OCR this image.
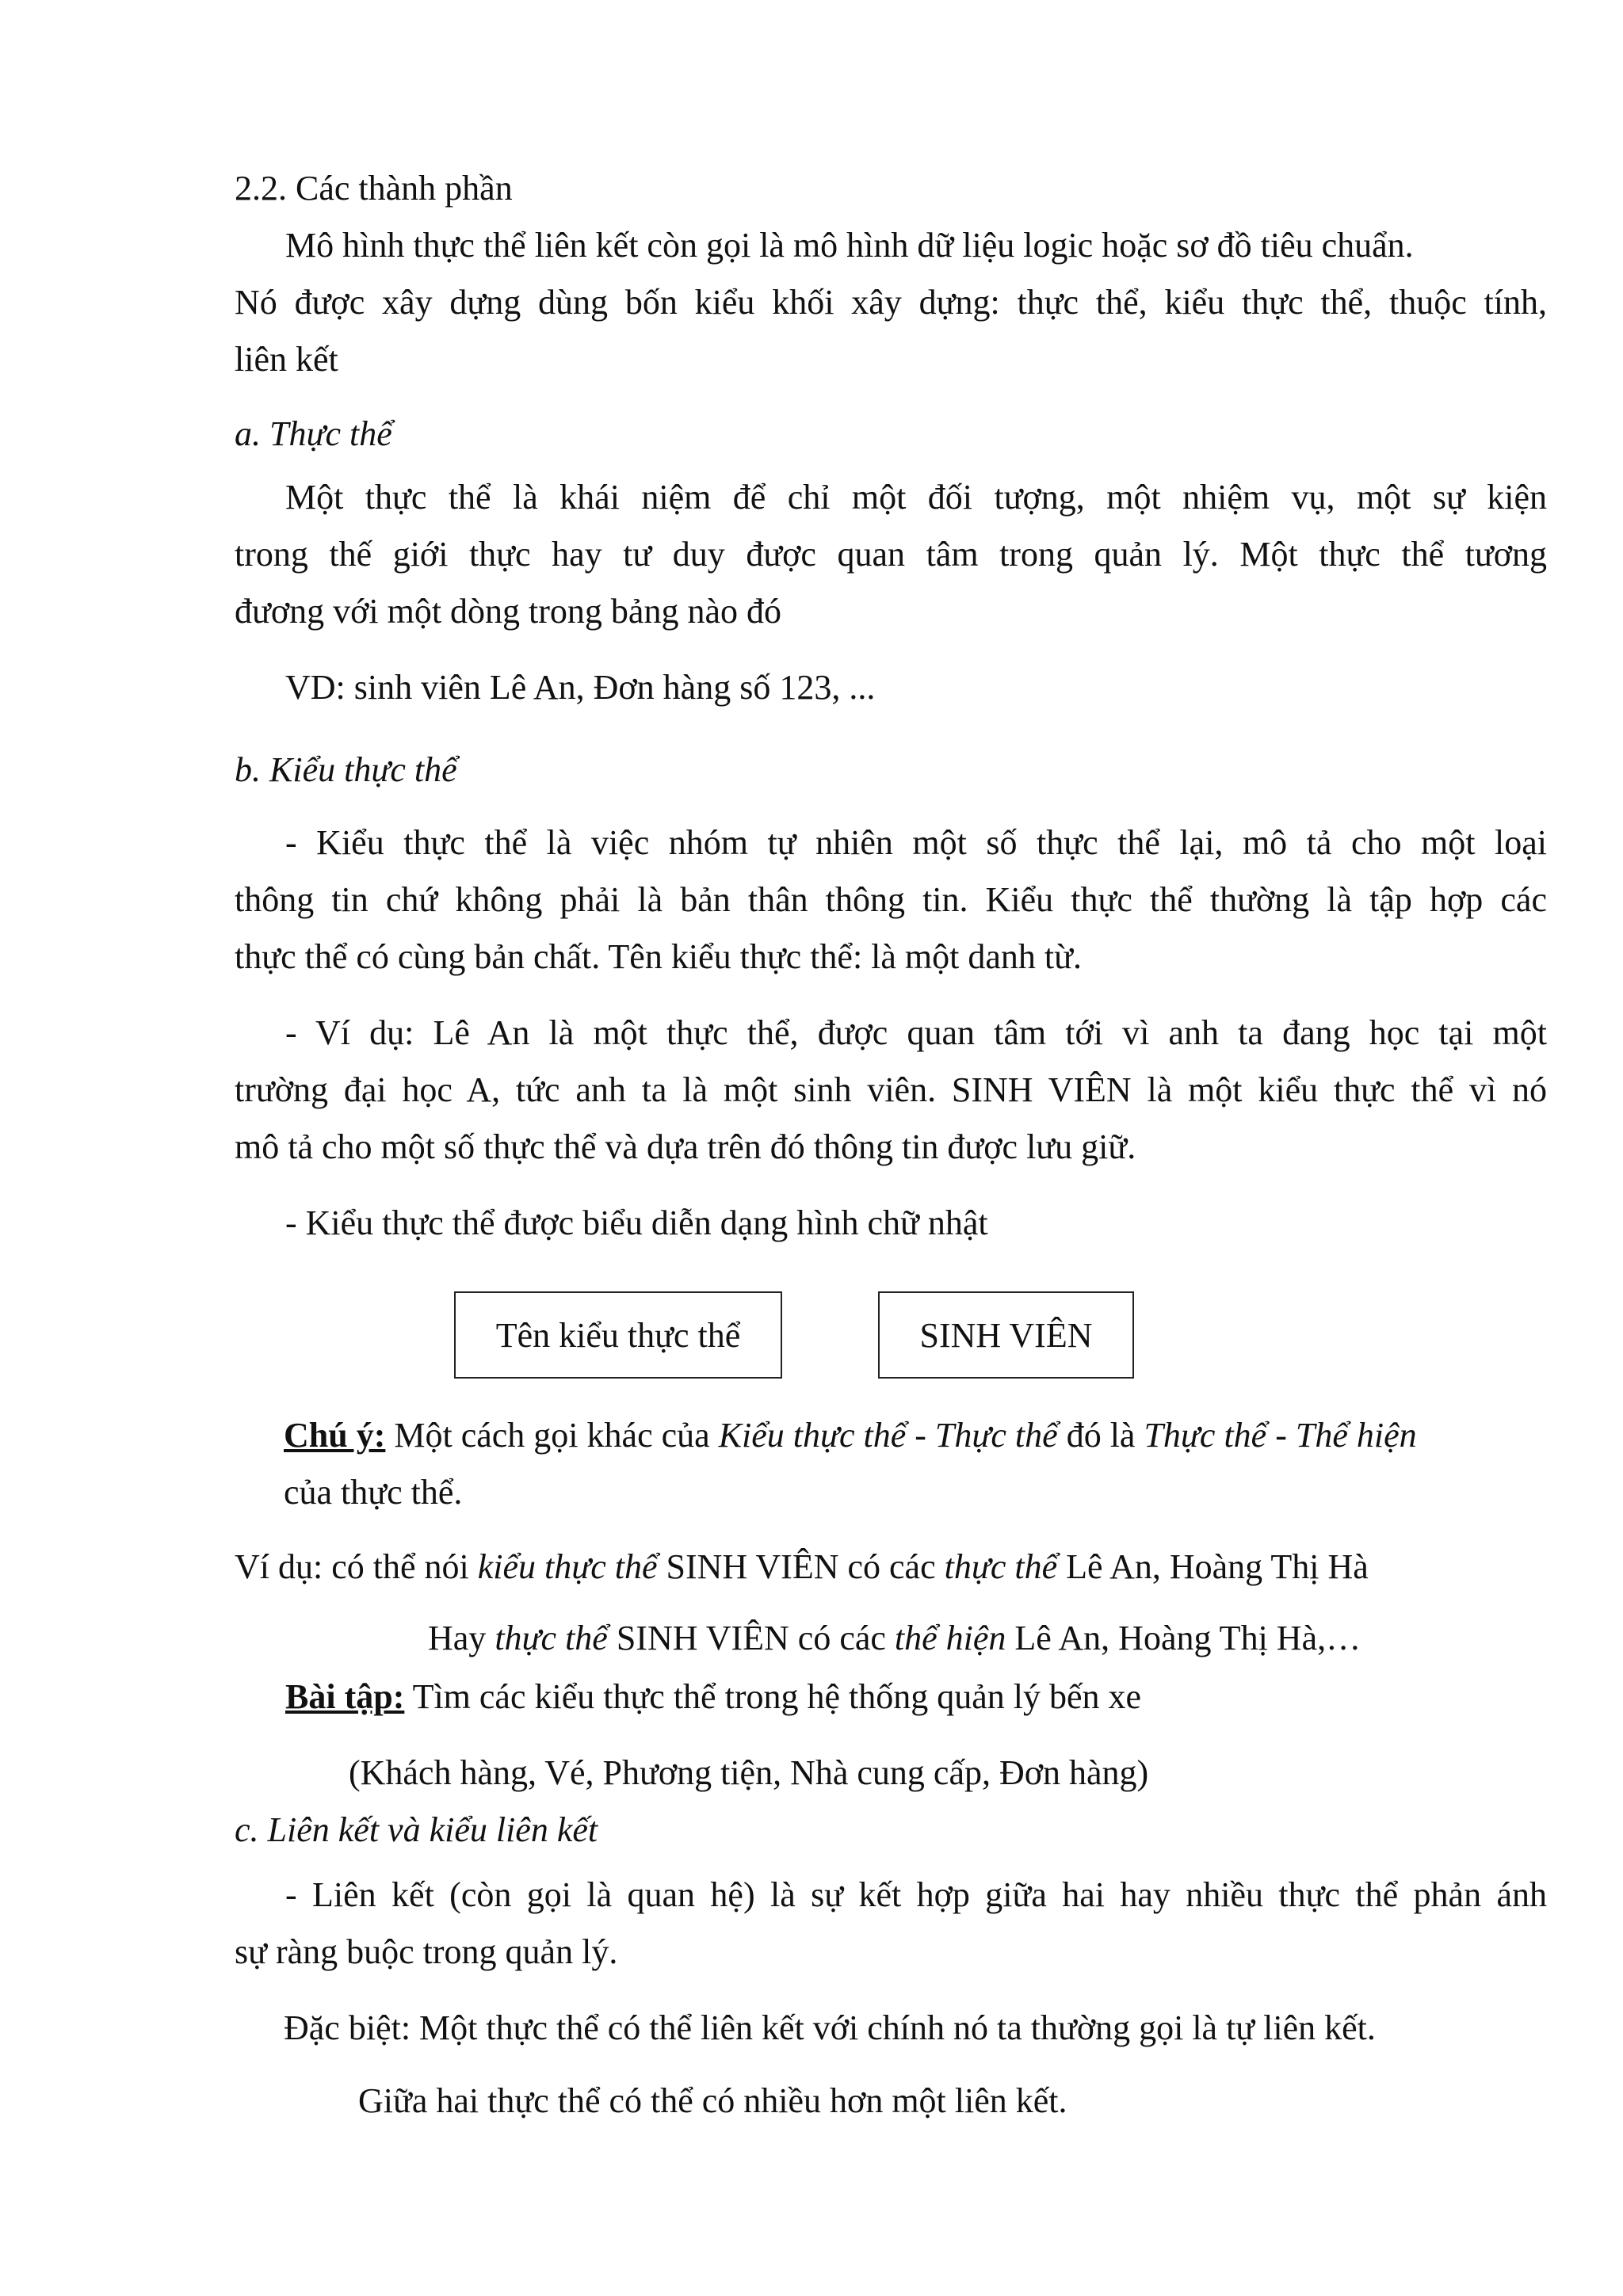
2.2. Các thành phần
Mô hình thực thể liên kết còn gọi là mô hình dữ liệu logic hoặc sơ đồ tiêu chuẩn.
Nó được xây dựng dùng bốn kiểu khối xây dựng: thực thể, kiểu thực thể, thuộc tính,
liên kết
a. Thực thể
Một thực thể là khái niệm để chỉ một đối tượng, một nhiệm vụ, một sự kiện
trong thế giới thực hay tư duy được quan tâm trong quản lý. Một thực thể tương
đương với một dòng trong bảng nào đó
VD: sinh viên Lê An, Đơn hàng số 123, ...
b. Kiểu thực thể
- Kiểu thực thể là việc nhóm tự nhiên một số thực thể lại, mô tả cho một loại
thông tin chứ không phải là bản thân thông tin. Kiểu thực thể thường là tập hợp các
thực thể có cùng bản chất. Tên kiểu thực thể: là một danh từ.
- Ví dụ: Lê An là một thực thể, được quan tâm tới vì anh ta đang học tại một
trường đại học A, tức anh ta là một sinh viên. SINH VIÊN là một kiểu thực thể vì nó
mô tả cho một số thực thể và dựa trên đó thông tin được lưu giữ.
- Kiểu thực thể được biểu diễn dạng hình chữ nhật
Tên kiểu thực thể	SINH VIÊN
Chú ý: Một cách gọi khác của Kiểu thực thể - Thực thể đó là Thực thể - Thể hiện
của thực thể.
Ví dụ: có thể nói kiểu thực thể SINH VIÊN có các thực thể Lê An, Hoàng Thị Hà
Hay thực thể SINH VIÊN có các thể hiện Lê An, Hoàng Thị Hà,…
Bài tập: Tìm các kiểu thực thể trong hệ thống quản lý bến xe
(Khách hàng, Vé, Phương tiện, Nhà cung cấp, Đơn hàng)
c. Liên kết và kiểu liên kết
- Liên kết (còn gọi là quan hệ) là sự kết hợp giữa hai hay nhiều thực thể phản ánh
sự ràng buộc trong quản lý.
Đặc biệt: Một thực thể có thể liên kết với chính nó ta thường gọi là tự liên kết.
Giữa hai thực thể có thể có nhiều hơn một liên kết.
